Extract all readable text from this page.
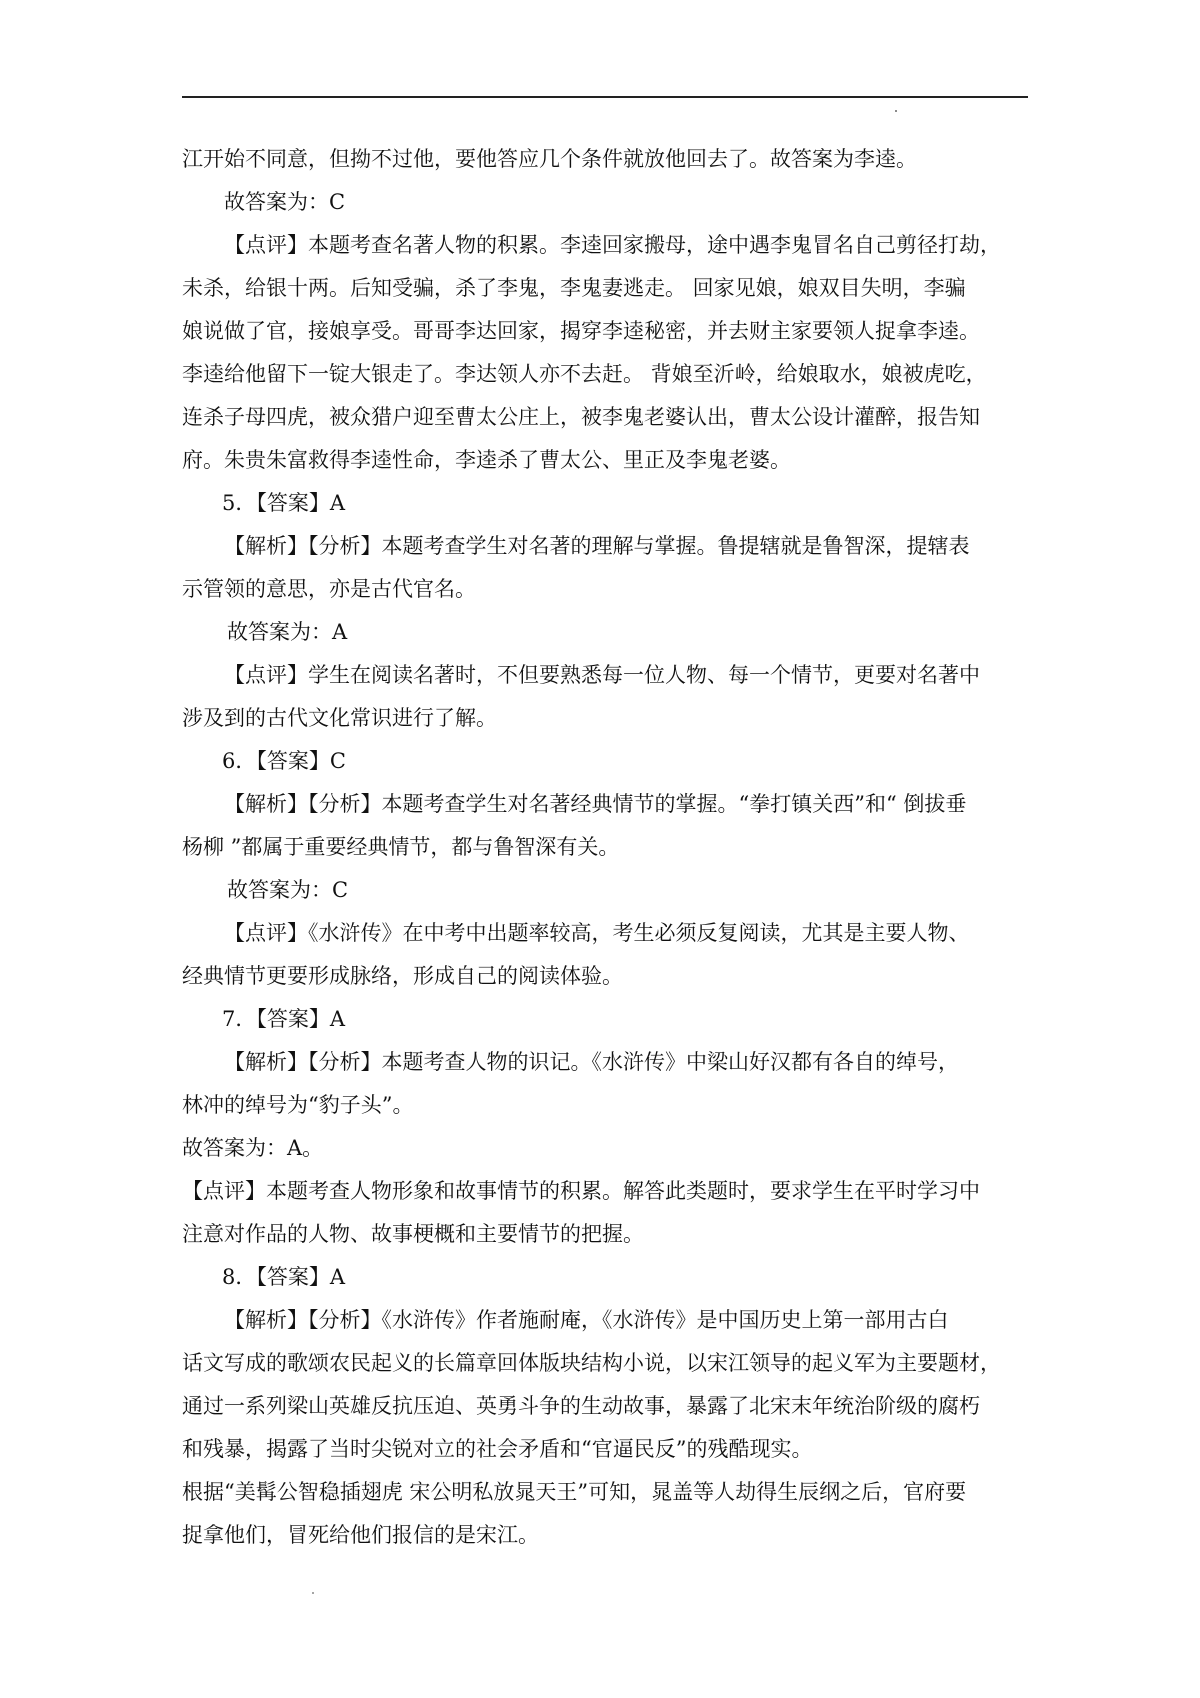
江开始不同意，但拗不过他，要他答应几个条件就放他回去了。故答案为李逵。
故答案为：C
【点评】本题考查名著人物的积累。李逵回家搬母，途中遇李鬼冒名自己剪径打劫，
未杀，给银十两。后知受骗，杀了李鬼，李鬼妻逃走。 回家见娘，娘双目失明，李骗
娘说做了官，接娘享受。哥哥李达回家，揭穿李逵秘密，并去财主家要领人捉拿李逵。
李逵给他留下一锭大银走了。李达领人亦不去赶。 背娘至沂岭，给娘取水，娘被虎吃，
连杀子母四虎，被众猎户迎至曹太公庄上，被李鬼老婆认出，曹太公设计灌醉，报告知
府。朱贵朱富救得李逵性命，李逵杀了曹太公、里正及李鬼老婆。
5．【答案】A
【解析】【分析】本题考查学生对名著的理解与掌握。鲁提辖就是鲁智深，提辖表
示管领的意思，亦是古代官名。
故答案为：A
【点评】学生在阅读名著时，不但要熟悉每一位人物、每一个情节，更要对名著中
涉及到的古代文化常识进行了解。
6．【答案】C
【解析】【分析】本题考查学生对名著经典情节的掌握。“拳打镇关西”和“ 倒拔垂
杨柳 ”都属于重要经典情节，都与鲁智深有关。
故答案为：C
【点评】《水浒传》在中考中出题率较高，考生必须反复阅读，尤其是主要人物、
经典情节更要形成脉络，形成自己的阅读体验。
7．【答案】A
【解析】【分析】本题考查人物的识记。《水浒传》中梁山好汉都有各自的绰号，
林冲的绰号为“豹子头”。
故答案为：A。
【点评】本题考查人物形象和故事情节的积累。解答此类题时，要求学生在平时学习中
注意对作品的人物、故事梗概和主要情节的把握。
8．【答案】A
【解析】【分析】《水浒传》作者施耐庵，《水浒传》是中国历史上第一部用古白
话文写成的歌颂农民起义的长篇章回体版块结构小说，以宋江领导的起义军为主要题材，
通过一系列梁山英雄反抗压迫、英勇斗争的生动故事，暴露了北宋末年统治阶级的腐朽
和残暴，揭露了当时尖锐对立的社会矛盾和“官逼民反”的残酷现实。
根据“美髯公智稳插翅虎 宋公明私放晁天王”可知，晁盖等人劫得生辰纲之后，官府要
捉拿他们，冒死给他们报信的是宋江。
